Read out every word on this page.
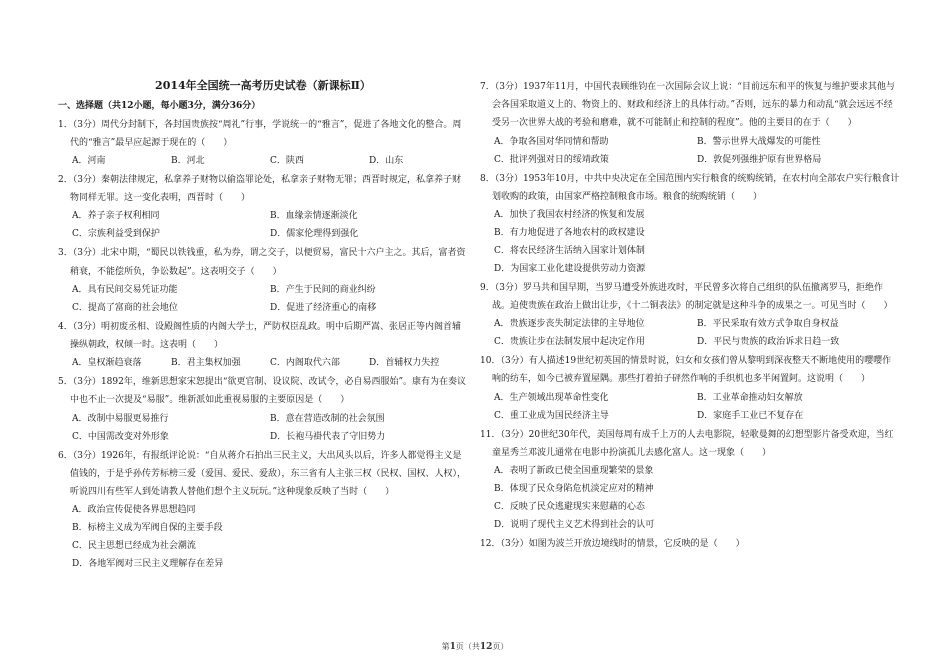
2014年全国统一高考历史试卷（新课标Ⅱ）
一、选择题（共12小题，每小题3分，满分36分）

1．（3分）周代分封制下，各封国贵族按“周礼”行事，学说统一的“雅言”，促进了各地文化的整合。周代的“雅言”最早应起源于现在的（　　）

A．河南	B．河北	C．陕西	D．山东

2．（3分）秦朝法律规定，私拿养子财物以偷盗罪论处，私拿亲子财物无罪；西晋时规定，私拿养子财物同样无罪。这一变化表明，西晋时（　　）

A．养子亲子权利相同	B．血缘亲情逐渐淡化
C．宗族利益受到保护	D．儒家伦理得到强化

3．（3分）北宋中期，“蜀民以铁钱重，私为券，谓之交子，以便贸易，富民十六户主之。其后，富者资稍衰，不能偿所负，争讼数起”。这表明交子（　　）

A．具有民间交易凭证功能	B．产生于民间的商业纠纷
C．提高了富商的社会地位	D．促进了经济重心的南移

4．（3分）明初废丞相、设殿阁性质的内阁大学士，严防权臣乱政。明中后期严嵩、张居正等内阁首辅操纵朝政，权倾一时。这表明（　　）

A．皇权渐趋衰落	B．君主集权加强	C．内阁取代六部	D．首辅权力失控

5．（3分）1892年，维新思想家宋恕提出“欲更官制、设议院、改试令，必自易西服始”。康有为在奏议中也不止一次提及“易服”。维新派如此重视易服的主要原因是（　　）

A．改制中易服更易推行	B．意在营造改制的社会氛围
C．中国需改变对外形象	D．长袍马褂代表了守旧势力

6．（3分）1926年，有报纸评论说：“自从蒋介石拍出三民主义，大出风头以后，许多人都觉得主义是值钱的，于是乎孙传芳标榜三爱（爱国、爱民、爱敌），东三省有人主张三权（民权、国权、人权），听说四川有些军人到处请教人替他们想个主义玩玩。”这种现象反映了当时（　　）

A．政治宣传促使各界思想趋同
B．标榜主义成为军阀自保的主要手段
C．民主思想已经成为社会潮流
D．各地军阀对三民主义理解存在差异

7．（3分）1937年11月，中国代表顾维钧在一次国际会议上说：“目前远东和平的恢复与维护要求其他与会各国采取道义上的、物资上的、财政和经济上的具体行动。”否则，远东的暴力和动乱“就会远远不经受另一次世界大战的考验和磨难，就不可能制止和控制的程度”。他的主要目的在于（　　）

A．争取各国对华同情和帮助	B．警示世界大战爆发的可能性
C．批评列强对日的绥靖政策	D．敦促列强维护原有世界格局

8．（3分）1953年10月，中共中央决定在全国范围内实行粮食的统购统销，在农村向全部农户实行粮食计划收购的政策，由国家严格控制粮食市场。粮食的统购统销（　　）

A．加快了我国农村经济的恢复和发展
B．有力地促进了各地农村的政权建设
C．将农民经济生活纳入国家计划体制
D．为国家工业化建设提供劳动力资源

9．（3分）罗马共和国早期，当罗马遭受外族进攻时，平民曾多次将自己组织的队伍撤离罗马，拒绝作战。迫使贵族在政治上做出让步，《十二铜表法》的制定就是这种斗争的成果之一。可见当时（　　）

A．贵族逐步丧失制定法律的主导地位	B．平民采取有效方式争取自身权益
C．贵族让步在法制发展中起决定作用	D．平民与贵族的政治诉求日趋一致

10．（3分）有人描述19世纪初英国的情景时说，妇女和女孩们曾从黎明到深夜整天不断地使用的嘤嘤作响的纺车，如今已被弃置屋隅。那些打着拍子砰然作响的手织机也多半闲置阿。这说明（　　）

A．生产领域出现革命性变化	B．工业革命推动妇女解放
C．重工业成为国民经济主导	D．家庭手工业已不复存在

11．（3分）20世纪30年代，美国每周有成千上万的人去电影院，轻歌曼舞的幻想型影片备受欢迎，当红童星秀兰邓波儿通常在电影中扮演孤儿去感化富人。这一现象（　　）

A．表明了新政已使全国重现繁荣的景象
B．体现了民众身陷危机淡定应对的精神
C．反映了民众逃避现实来慰藉的心态
D．说明了现代主义艺术得到社会的认可

12．（3分）如图为波兰开放边境线时的情景，它反映的是（　　）

第1页（共12页）
